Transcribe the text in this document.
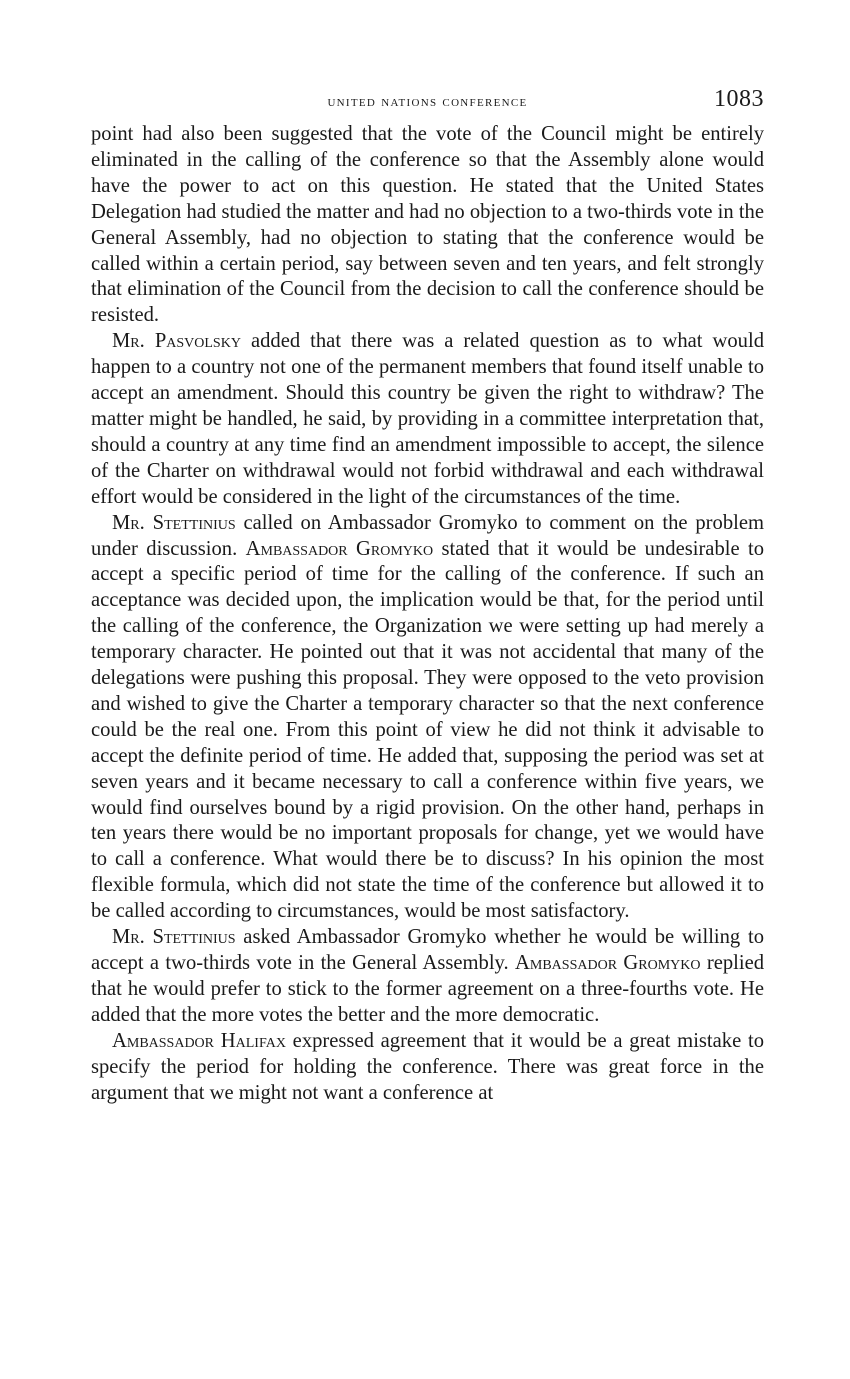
united nations conference	1083

point had also been suggested that the vote of the Council might be entirely eliminated in the calling of the conference so that the Assembly alone would have the power to act on this question. He stated that the United States Delegation had studied the matter and had no objection to a two-thirds vote in the General Assembly, had no objection to stating that the conference would be called within a certain period, say between seven and ten years, and felt strongly that elimination of the Council from the decision to call the conference should be resisted.

Mr. Pasvolsky added that there was a related question as to what would happen to a country not one of the permanent members that found itself unable to accept an amendment. Should this country be given the right to withdraw? The matter might be handled, he said, by providing in a committee interpretation that, should a country at any time find an amendment impossible to accept, the silence of the Charter on withdrawal would not forbid withdrawal and each withdrawal effort would be considered in the light of the circumstances of the time.

Mr. Stettinius called on Ambassador Gromyko to comment on the problem under discussion. Ambassador Gromyko stated that it would be undesirable to accept a specific period of time for the calling of the conference. If such an acceptance was decided upon, the implication would be that, for the period until the calling of the conference, the Organization we were setting up had merely a temporary character. He pointed out that it was not accidental that many of the delegations were pushing this proposal. They were opposed to the veto provision and wished to give the Charter a temporary character so that the next conference could be the real one. From this point of view he did not think it advisable to accept the definite period of time. He added that, supposing the period was set at seven years and it became necessary to call a conference within five years, we would find ourselves bound by a rigid provision. On the other hand, perhaps in ten years there would be no important proposals for change, yet we would have to call a conference. What would there be to discuss? In his opinion the most flexible formula, which did not state the time of the conference but allowed it to be called according to circumstances, would be most satisfactory.

Mr. Stettinius asked Ambassador Gromyko whether he would be willing to accept a two-thirds vote in the General Assembly. Ambassador Gromyko replied that he would prefer to stick to the former agreement on a three-fourths vote. He added that the more votes the better and the more democratic.

Ambassador Halifax expressed agreement that it would be a great mistake to specify the period for holding the conference. There was great force in the argument that we might not want a conference at
